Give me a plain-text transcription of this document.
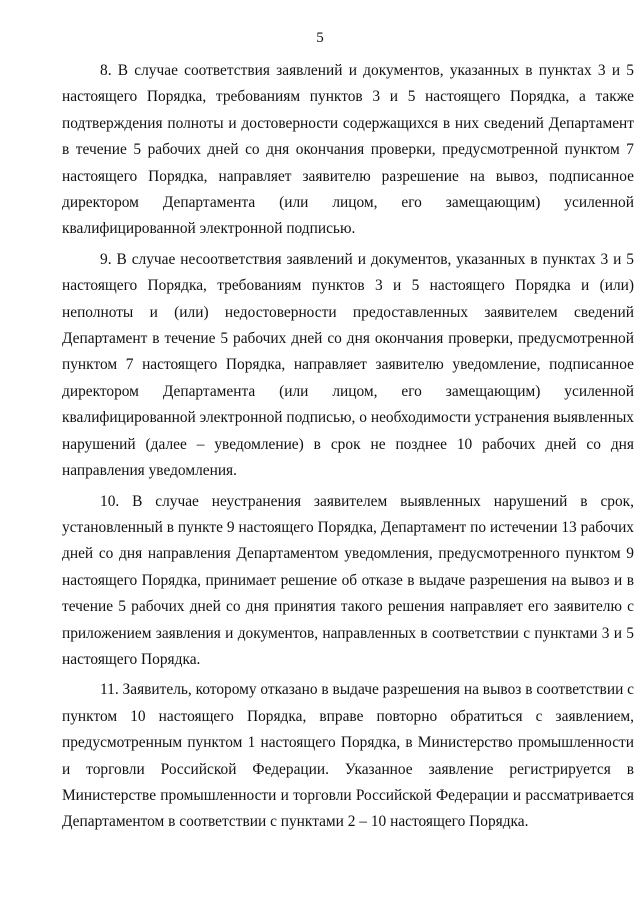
5

8. В случае соответствия заявлений и документов, указанных в пунктах 3 и 5 настоящего Порядка, требованиям пунктов 3 и 5 настоящего Порядка, а также подтверждения полноты и достоверности содержащихся в них сведений Департамент в течение 5 рабочих дней со дня окончания проверки, предусмотренной пунктом 7 настоящего Порядка, направляет заявителю разрешение на вывоз, подписанное директором Департамента (или лицом, его замещающим) усиленной квалифицированной электронной подписью.

9. В случае несоответствия заявлений и документов, указанных в пунктах 3 и 5 настоящего Порядка, требованиям пунктов 3 и 5 настоящего Порядка и (или) неполноты и (или) недостоверности предоставленных заявителем сведений Департамент в течение 5 рабочих дней со дня окончания проверки, предусмотренной пунктом 7 настоящего Порядка, направляет заявителю уведомление, подписанное директором Департамента (или лицом, его замещающим) усиленной квалифицированной электронной подписью, о необходимости устранения выявленных нарушений (далее – уведомление) в срок не позднее 10 рабочих дней со дня направления уведомления.

10. В случае неустранения заявителем выявленных нарушений в срок, установленный в пункте 9 настоящего Порядка, Департамент по истечении 13 рабочих дней со дня направления Департаментом уведомления, предусмотренного пунктом 9 настоящего Порядка, принимает решение об отказе в выдаче разрешения на вывоз и в течение 5 рабочих дней со дня принятия такого решения направляет его заявителю с приложением заявления и документов, направленных в соответствии с пунктами 3 и 5 настоящего Порядка.

11. Заявитель, которому отказано в выдаче разрешения на вывоз в соответствии с пунктом 10 настоящего Порядка, вправе повторно обратиться с заявлением, предусмотренным пунктом 1 настоящего Порядка, в Министерство промышленности и торговли Российской Федерации. Указанное заявление регистрируется в Министерстве промышленности и торговли Российской Федерации и рассматривается Департаментом в соответствии с пунктами 2 – 10 настоящего Порядка.
